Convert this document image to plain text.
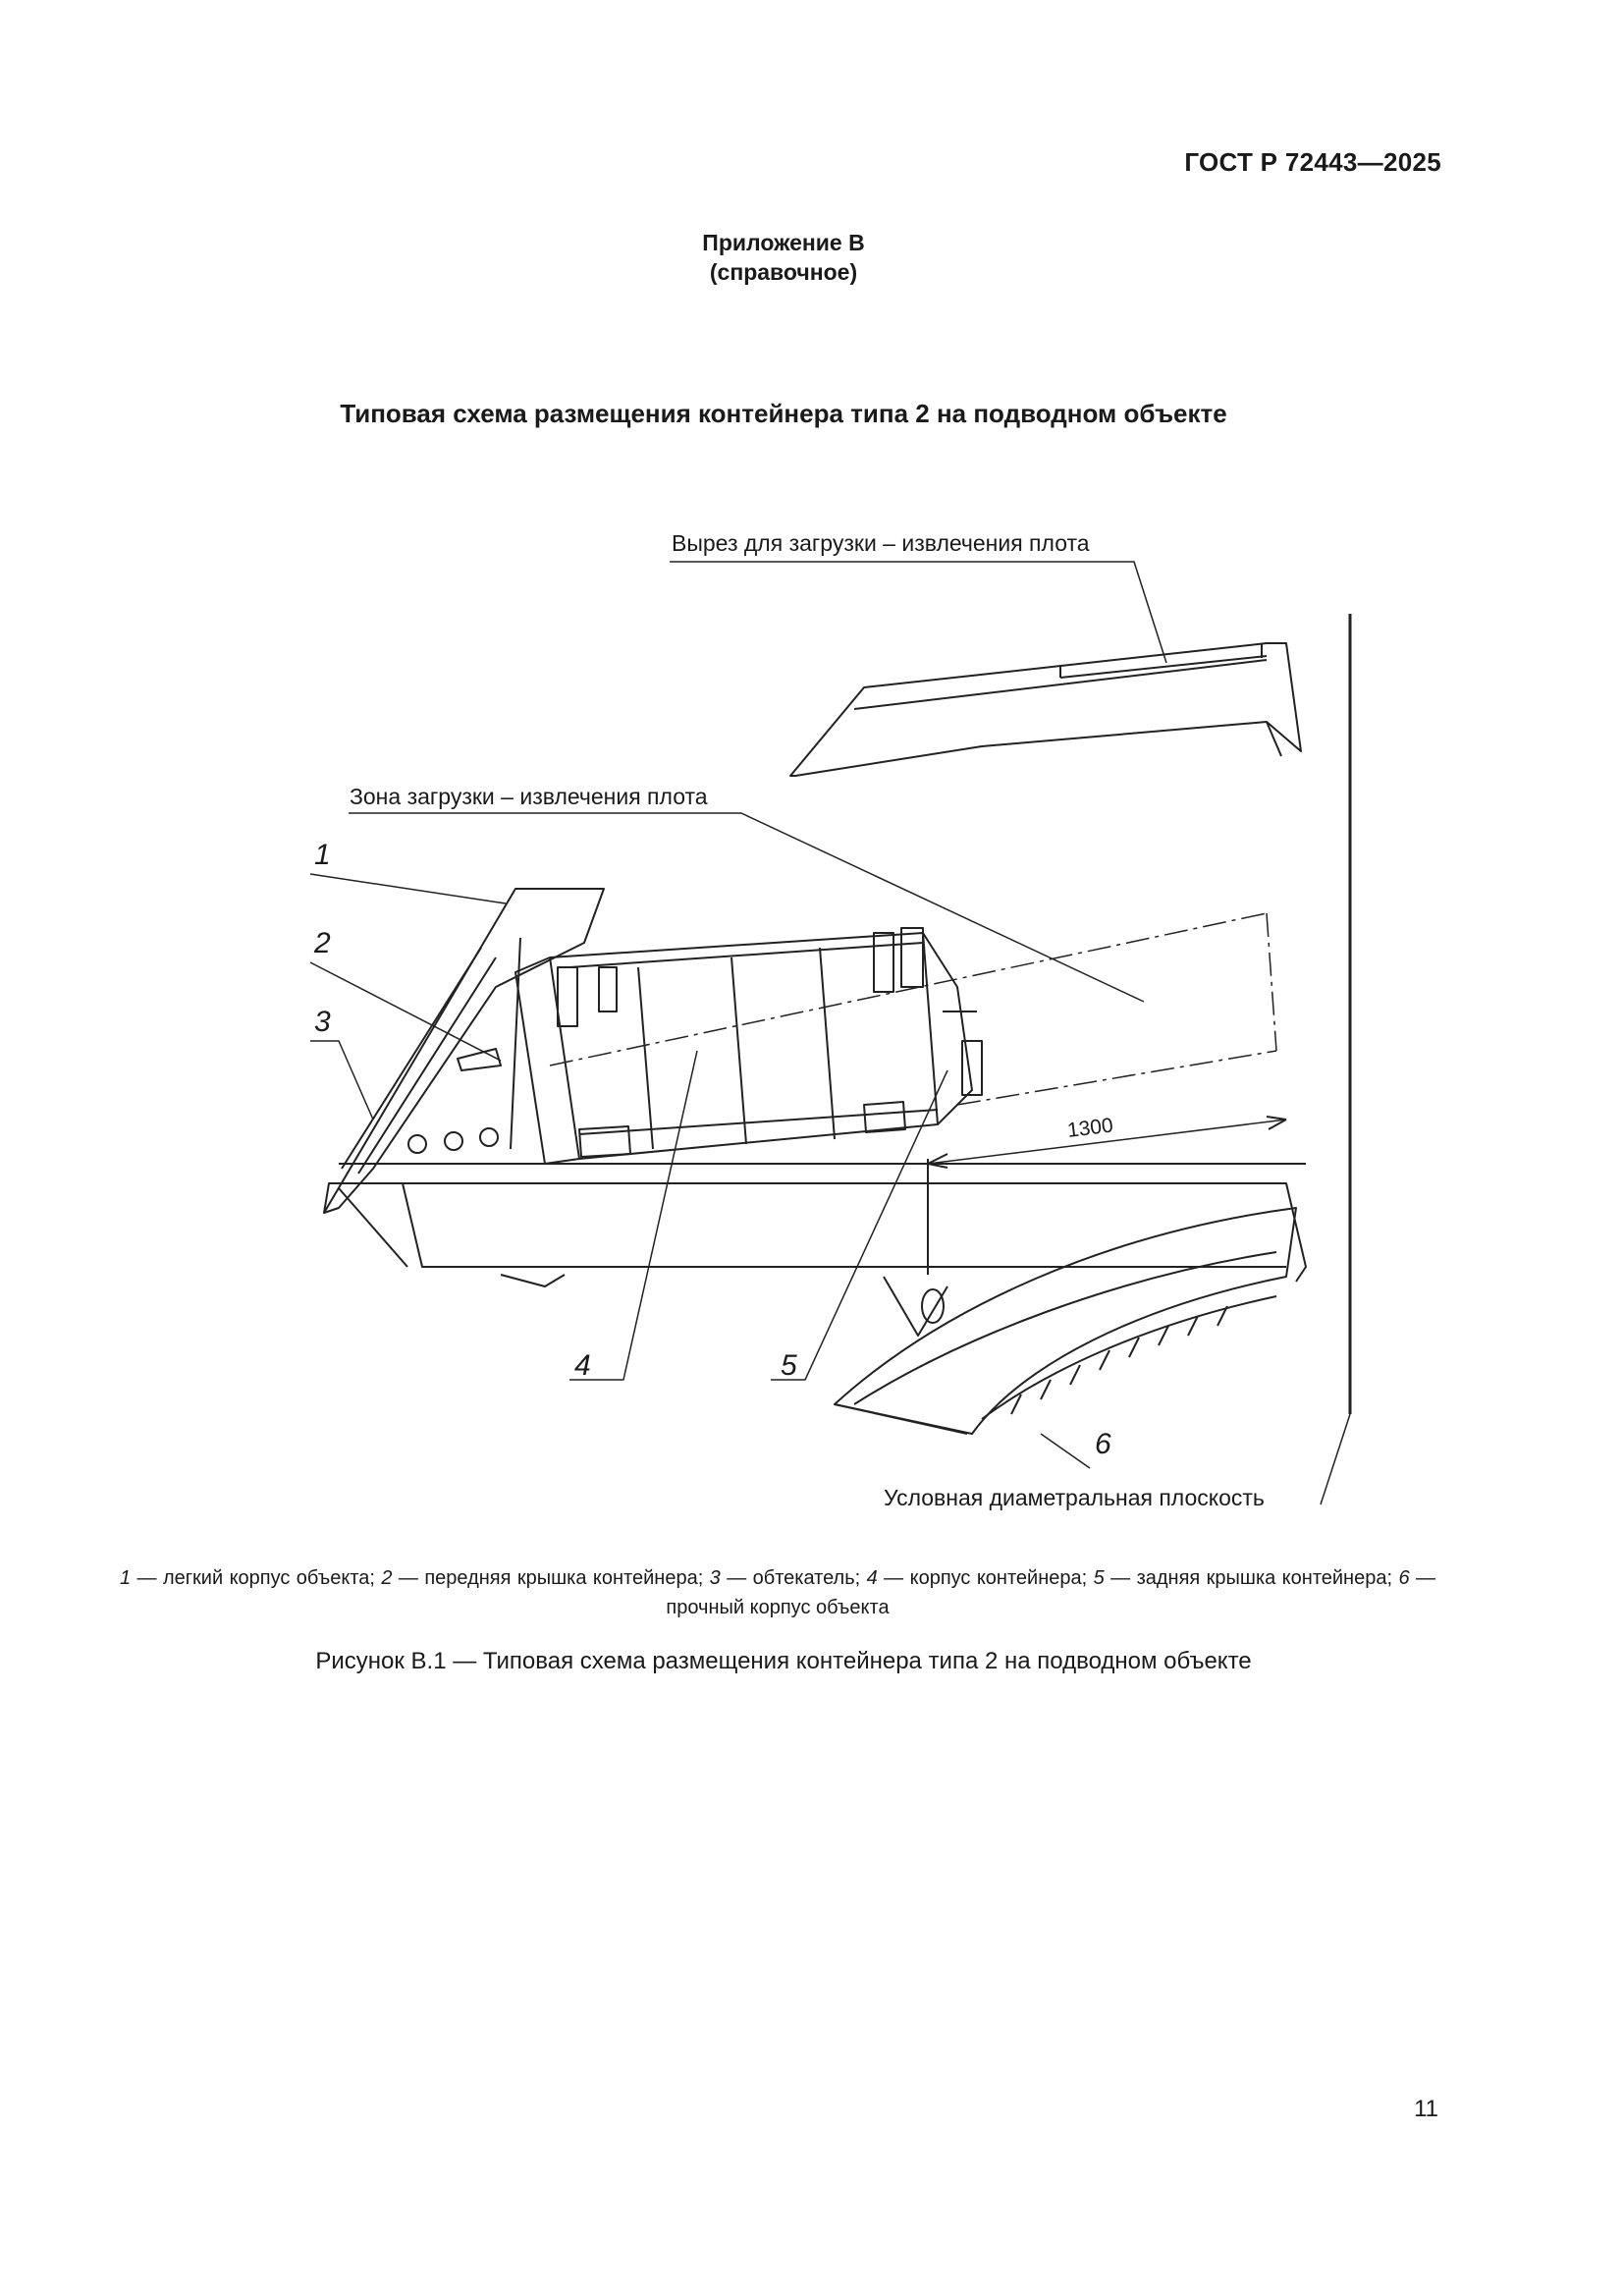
ГОСТ Р 72443—2025
Приложение В
(справочное)
Типовая схема размещения контейнера типа 2 на подводном объекте
Вырез для загрузки – извлечения плота
Зона загрузки – извлечения плота
Условная диаметральная плоскость
1300
1
2
3
4	5
6
1 — легкий корпус объекта; 2 — передняя крышка контейнера; 3 — обтекатель; 4 — корпус контейнера; 5 — задняя крышка контейнера; 6 — прочный корпус объекта
Рисунок В.1 — Типовая схема размещения контейнера типа 2 на подводном объекте
11
